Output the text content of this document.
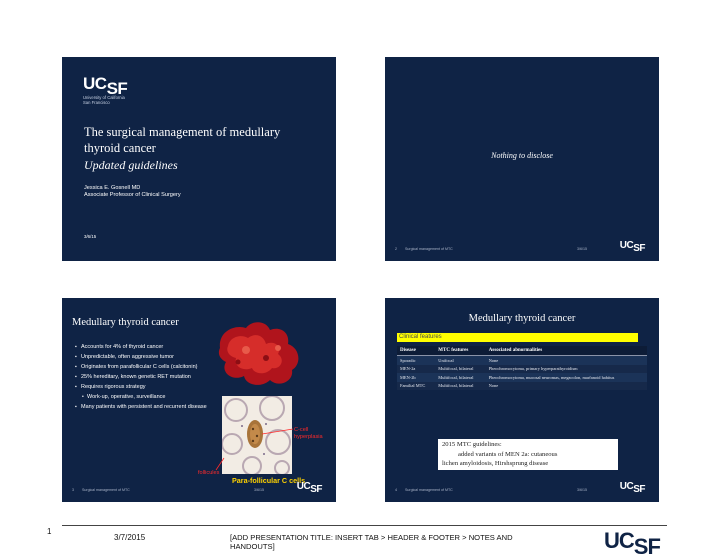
UCSF
University of California
San Francisco
The surgical management of medullary thyroid cancer
Updated guidelines
Jessica E. Gosnell MD
Associate Professor of Clinical Surgery
3/6/15
Nothing to disclose
2 Surgical management of MTC	3/6/15	UCSF
Medullary thyroid cancer
▪ Accounts for 4% of thyroid cancer
▪ Unpredictable, often aggressive tumor
▪ Originates from parafollicular C cells (calcitonin)
▪ 25% hereditary, known genetic RET mutation
▪ Requires rigorous strategy
• Work-up, operative, surveillance
▪ Many patients with persistent and recurrent disease
C-cell
hyperplasia
follicules
Para-follicular C cells
3 Surgical management of MTC	3/6/15	UCSF
Medullary thyroid cancer
Clinical features
Disease	MTC features	Associated abnormalities
Sporadic	Unifocal	None
MEN-2a	Multifocal, bilateral	Pheochromocytoma, primary hyperparathyroidism
MEN-2b	Multifocal, bilateral	Pheochromocytoma, mucosal neuromas, megacolon, marfanoid habitus
Familial MTC	Multifocal, bilateral	None
2015 MTC guidelines:
added variants of MEN 2a: cutaneous
lichen amyloidosis, Hirshsprung disease
4 Surgical management of MTC	3/6/15	UCSF
1
3/7/2015	[ADD PRESENTATION TITLE: INSERT TAB > HEADER & FOOTER > NOTES AND HANDOUTS]	UCSF
